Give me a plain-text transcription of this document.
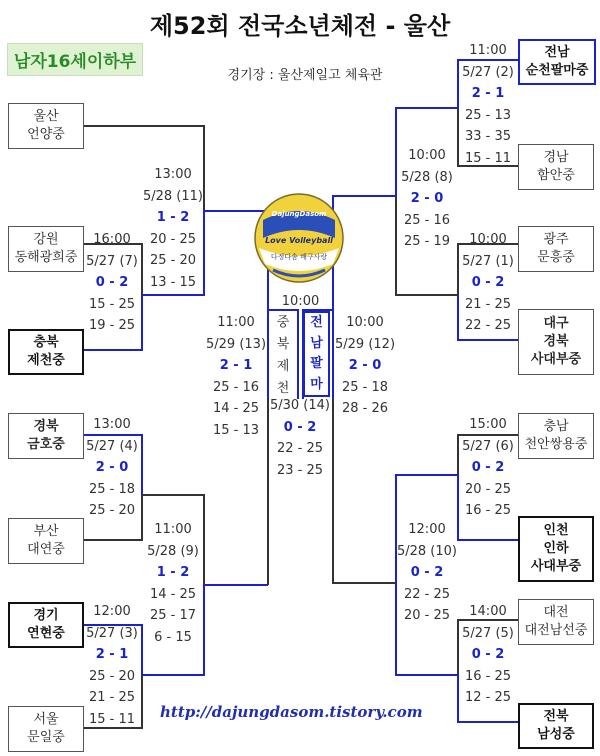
제52회 전국소년체전 - 울산
남자16세이하부
경기장 : 울산제일고 체육관
DajungDasom
Love Volleyball
다정다솜 배구사랑
울산
언양중
강원
동해광희중
충북
제천중
경북
금호중
부산
대연중
경기
연현중
서울
문일중
전남
순천팔마중
경남
함안중
광주
문흥중
대구
경북
사대부중
충남
천안쌍용중
인천
인하
사대부중
대전
대전남선중
전북
남성중
16:00
5/27 (7)
0 - 2
15 - 25
19 - 25
13:00
5/28 (11)
1 - 2
20 - 25
25 - 20
13 - 15
13:00
5/27 (4)
2 - 0
25 - 18
25 - 20
11:00
5/28 (9)
1 - 2
14 - 25
25 - 17
6 - 15
12:00
5/27 (3)
2 - 1
25 - 20
21 - 25
15 - 11
11:00
5/29 (13)
2 - 1
25 - 16
14 - 25
15 - 13
11:00
5/27 (2)
2 - 1
25 - 13
33 - 35
15 - 11
10:00
5/28 (8)
2 - 0
25 - 16
25 - 19	10:00
5/27 (1)
0 - 2
21 - 25
22 - 25
15:00
5/27 (6)
0 - 2
20 - 25
16 - 25
12:00
5/28 (10)
0 - 2
22 - 25
20 - 25	14:00
5/27 (5)
0 - 2
16 - 25
12 - 25
10:00
5/29 (12)
2 - 0
25 - 18
28 - 26
10:00
중
북
제
천
전
남
팔
마
5/30 (14)
0 - 2
22 - 25
23 - 25
http://dajungdasom.tistory.com
